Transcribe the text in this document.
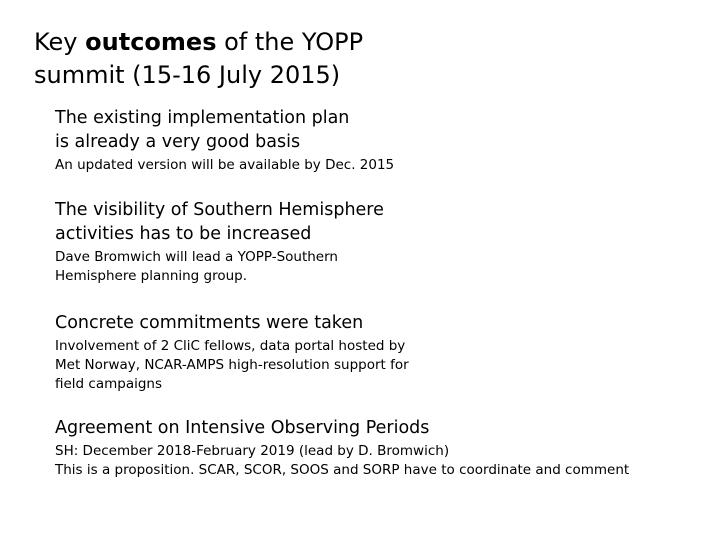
Key outcomes of the YOPP
summit (15-16 July 2015)
The existing implementation plan
is already a very good basis
An updated version will be available by Dec. 2015
The visibility of Southern Hemisphere
activities has to be increased
Dave Bromwich will lead a YOPP-Southern
Hemisphere planning group.
Concrete commitments were taken
Involvement of 2 CliC fellows, data portal hosted by
Met Norway, NCAR-AMPS high-resolution support for
field campaigns
Agreement on Intensive Observing Periods
SH: December 2018-February 2019 (lead by D. Bromwich)
This is a proposition. SCAR, SCOR, SOOS and SORP have to coordinate and comment
